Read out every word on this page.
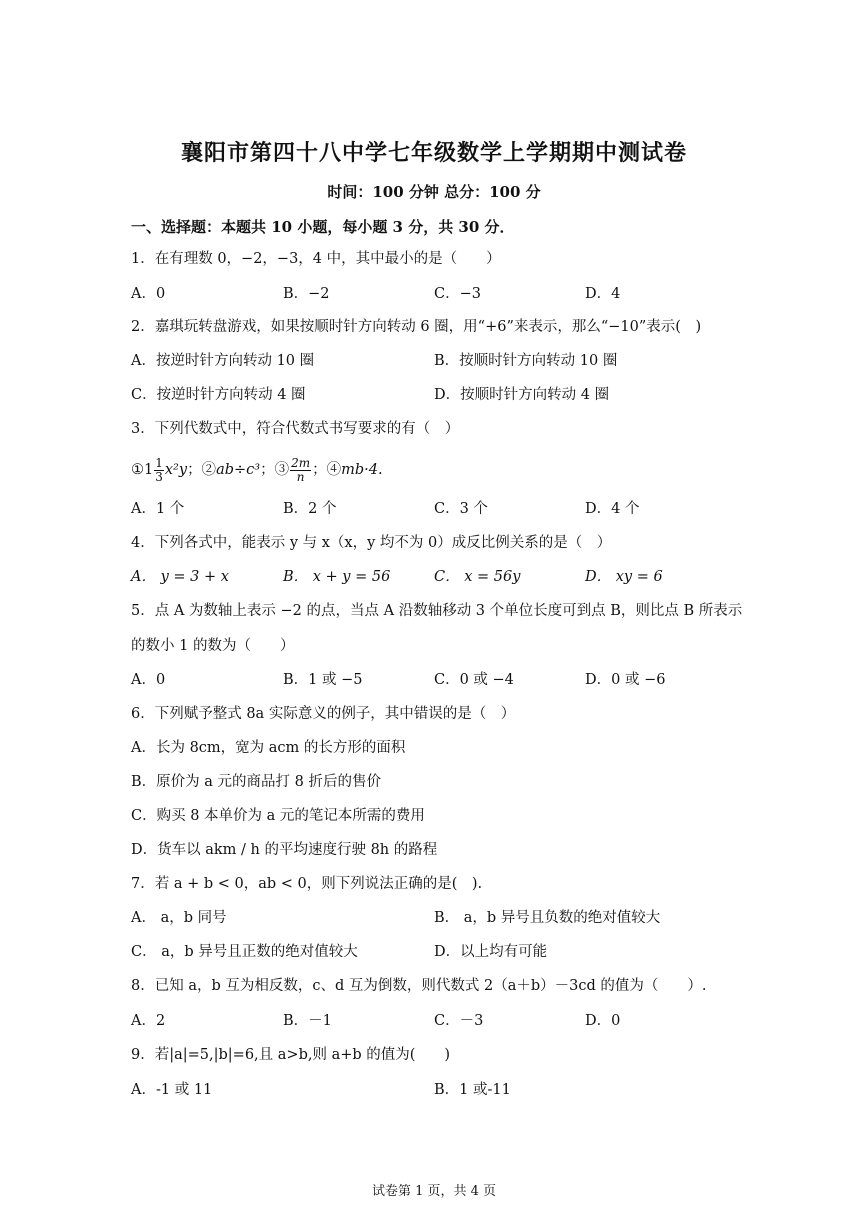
襄阳市第四十八中学七年级数学上学期期中测试卷
时间：100 分钟 总分：100 分
一、选择题：本题共 10 小题，每小题 3 分，共 30 分．
1．在有理数 0，−2，−3，4 中，其中最小的是（　　）
A．0	B．−2	C．−3	D．4
2．嘉琪玩转盘游戏，如果按顺时针方向转动 6 圈，用“+6”来表示，那么“−10”表示(　)
A．按逆时针方向转动 10 圈	B．按顺时针方向转动 10 圈
C．按逆时针方向转动 4 圈	D．按顺时针方向转动 4 圈
3．下列代数式中，符合代数式书写要求的有（　）
①1 $\frac{1}{3} x^2y$；②ab÷c³；③ $\frac{2m}{n}$ ；④mb·4.
A．1 个	B．2 个	C．3 个	D．4 个
4．下列各式中，能表示 y 与 x（x，y 均不为 0）成反比例关系的是（　）
A． y = 3 + x	B． x + y = 56	C． x = 56y	D． xy = 6
5．点 A 为数轴上表示 −2 的点，当点 A 沿数轴移动 3 个单位长度可到点 B，则比点 B 所表示
的数小 1 的数为（　　）
A．0	B．1 或 −5	C．0 或 −4	D．0 或 −6
6．下列赋予整式 8a 实际意义的例子，其中错误的是（　）
A．长为 8cm，宽为 acm 的长方形的面积
B．原价为 a 元的商品打 8 折后的售价
C．购买 8 本单价为 a 元的笔记本所需的费用
D．货车以 akm / h 的平均速度行驶 8h 的路程
7．若 a + b < 0，ab < 0，则下列说法正确的是(　).
A． a，b 同号	B． a，b 异号且负数的绝对值较大
C． a，b 异号且正数的绝对值较大	D．以上均有可能
8．已知 a，b 互为相反数，c、d 互为倒数，则代数式 2（a＋b）－3cd 的值为（　　）.
A．2	B．－1	C．－3	D．0
9．若|a|=5,|b|=6,且 a>b,则 a+b 的值为(　　)
A．-1 或 11	B．1 或-11
试卷第 1 页，共 4 页
